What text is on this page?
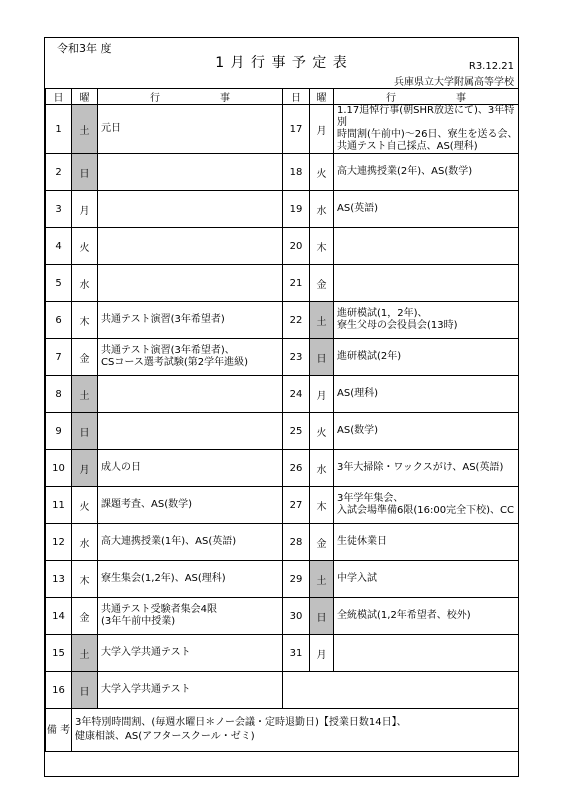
令和3年 度
1 月 行 事 予 定 表	R3.12.21
兵庫県立大学附属高等学校
日	曜	行　　　　　　事	日	曜	行　　　　　　事
1	土	元日	17	月	1.17追悼行事(朝SHR放送にて)、3年特別
時間割(午前中)～26日、寮生を送る会、
共通テスト自己採点、AS(理科)
2	日		18	火	高大連携授業(2年)、AS(数学)
3	月		19	水	AS(英語)
4	火		20	木	
5	水		21	金	
6	木	共通テスト演習(3年希望者)	22	土	進研模試(1，2年)、
寮生父母の会役員会(13時)
7	金	共通テスト演習(3年希望者)、
CSコース選考試験(第2学年進級)	23	日	進研模試(2年)
8	土		24	月	AS(理科)
9	日		25	火	AS(数学)
10	月	成人の日	26	水	3年大掃除・ワックスがけ、AS(英語)
11	火	課題考査、AS(数学)	27	木	3年学年集会、
入試会場準備6限(16:00完全下校)、CC
12	水	高大連携授業(1年)、AS(英語)	28	金	生徒休業日
13	木	寮生集会(1,2年)、AS(理科)	29	土	中学入試
14	金	共通テスト受験者集会4限
(3年午前中授業)	30	日	全統模試(1,2年希望者、校外)
15	土	大学入学共通テスト	31	月	
16	日	大学入学共通テスト			
備 考	3年特別時間割、(毎週水曜日＊ノー会議・定時退勤日)【授業日数14日】、
健康相談、AS(アフタースクール・ゼミ)				
